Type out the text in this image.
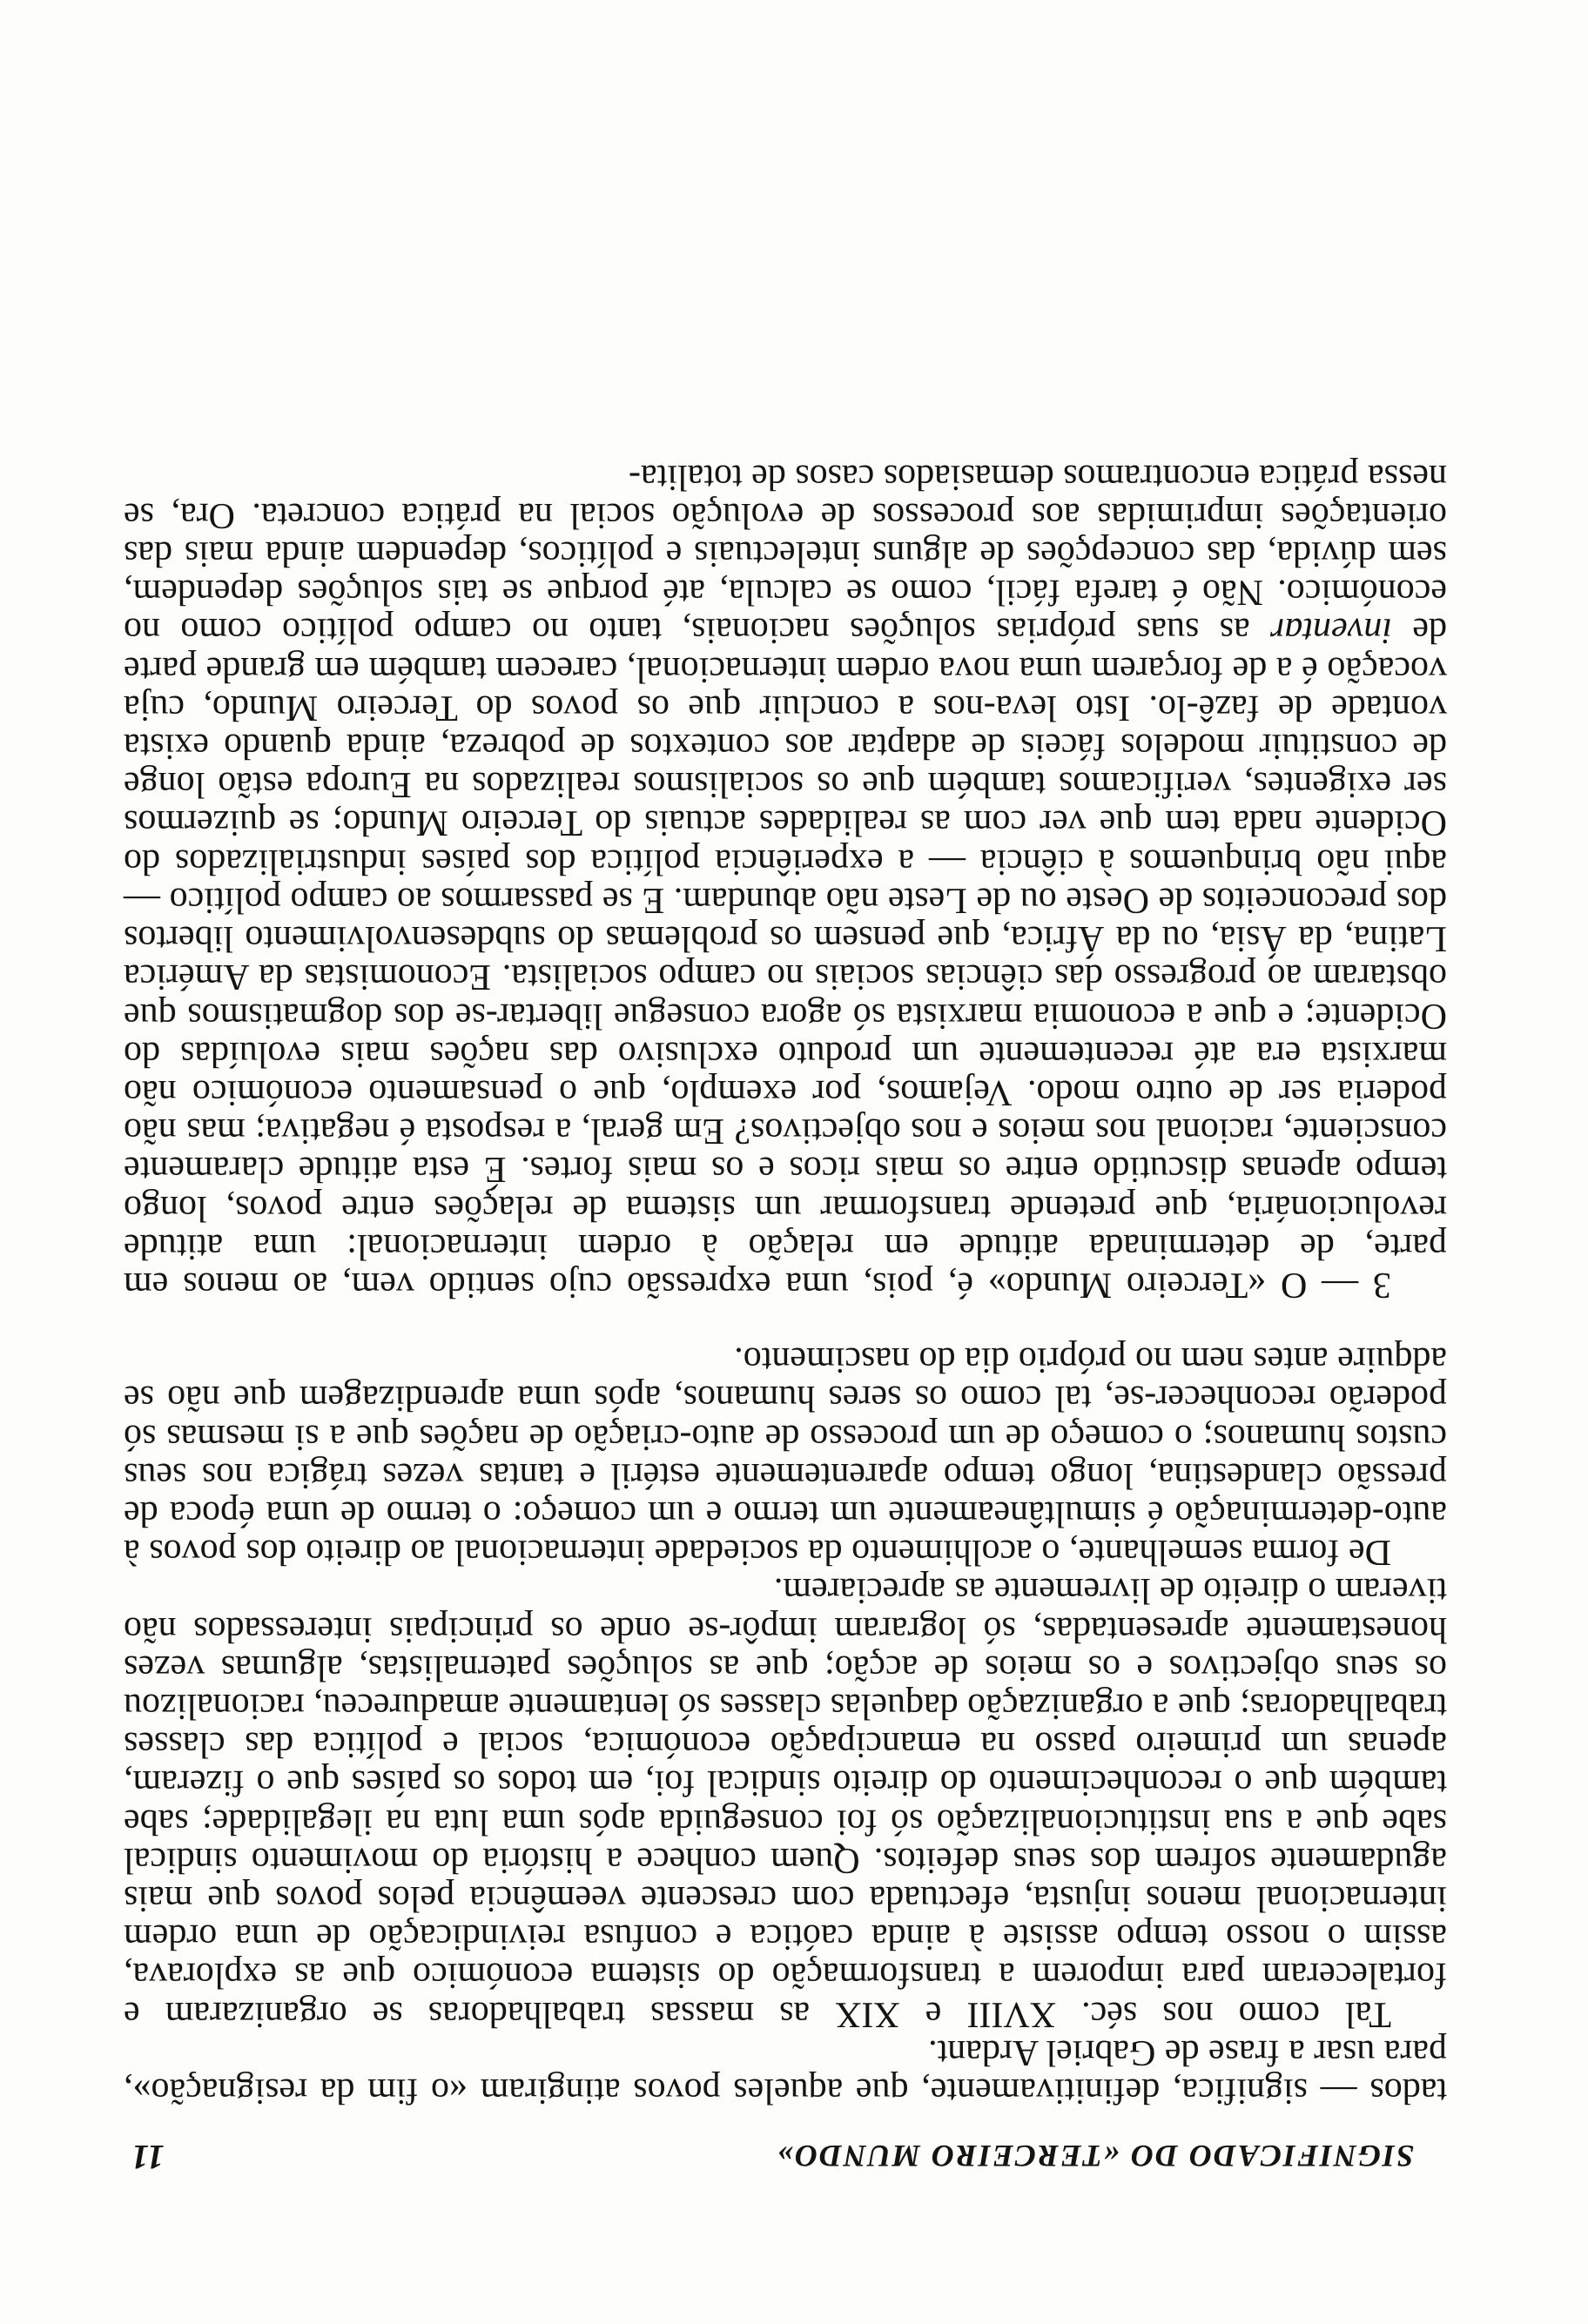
SIGNIFICADO DO «TERCEIRO MUNDO»
11

tados — significa, definitivamente, que aqueles povos atingiram «o fim da resignação», para usar a frase de Gabriel Ardant.

Tal como nos séc. XVIII e XIX as massas trabalhadoras se organizaram e fortaleceram para imporem a transformação do sistema económico que as explorava, assim o nosso tempo assiste à ainda caótica e confusa reivindicação de uma ordem internacional menos injusta, efectuada com crescente veemência pelos povos que mais agudamente sofrem dos seus defeitos. Quem conhece a história do movimento sindical sabe que a sua institucionalização só foi conseguida após uma luta na ilegalidade; sabe também que o reconhecimento do direito sindical foi, em todos os países que o fizeram, apenas um primeiro passo na emancipação económica, social e política das classes trabalhadoras; que a organização daquelas classes só lentamente amadureceu, racionalizou os seus objectivos e os meios de acção; que as soluções paternalistas, algumas vezes honestamente apresentadas, só lograram impôr-se onde os principais interessados não tiveram o direito de livremente as apreciarem.

De forma semelhante, o acolhimento da sociedade internacional ao direito dos povos à auto-determinação é simultâneamente um termo e um começo: o termo de uma época de pressão clandestina, longo tempo aparentemente estéril e tantas vezes trágica nos seus custos humanos; o começo de um processo de auto-criação de nações que a si mesmas só poderão reconhecer-se, tal como os seres humanos, após uma aprendizagem que não se adquire antes nem no próprio dia do nascimento.

3 — O «Terceiro Mundo» é, pois, uma expressão cujo sentido vem, ao menos em parte, de determinada atitude em relação à ordem internacional: uma atitude revolucionária, que pretende transformar um sistema de relações entre povos, longo tempo apenas discutido entre os mais ricos e os mais fortes. É esta atitude claramente consciente, racional nos meios e nos objectivos? Em geral, a resposta é negativa; mas não poderia ser de outro modo. Vejamos, por exemplo, que o pensamento económico não marxista era até recentemente um produto exclusivo das nações mais evoluídas do Ocidente; e que a economia marxista só agora consegue libertar-se dos dogmatismos que obstaram ao progresso das ciências sociais no campo socialista. Economistas da América Latina, da Ásia, ou da África, que pensem os problemas do subdesenvolvimento libertos dos preconceitos de Oeste ou de Leste não abundam. E se passarmos ao campo político — aqui não brinquemos à ciência — a experiência política dos países industrializados do Ocidente nada tem que ver com as realidades actuais do Terceiro Mundo; se quizermos ser exigentes, verificamos também que os socialismos realizados na Europa estão longe de constituir modelos fáceis de adaptar aos contextos de pobreza, ainda quando exista vontade de fazê-lo. Isto leva-nos a concluir que os povos do Terceiro Mundo, cuja vocação é a de forçarem uma nova ordem internacional, carecem também em grande parte de inventar as suas próprias soluções nacionais, tanto no campo político como no económico. Não é tarefa fácil, como se calcula, até porque se tais soluções dependem, sem dúvida, das concepções de alguns intelectuais e políticos, dependem ainda mais das orientações imprimidas aos processos de evolução social na prática concreta. Ora, se nessa prática encontramos demasiados casos de totalita-
